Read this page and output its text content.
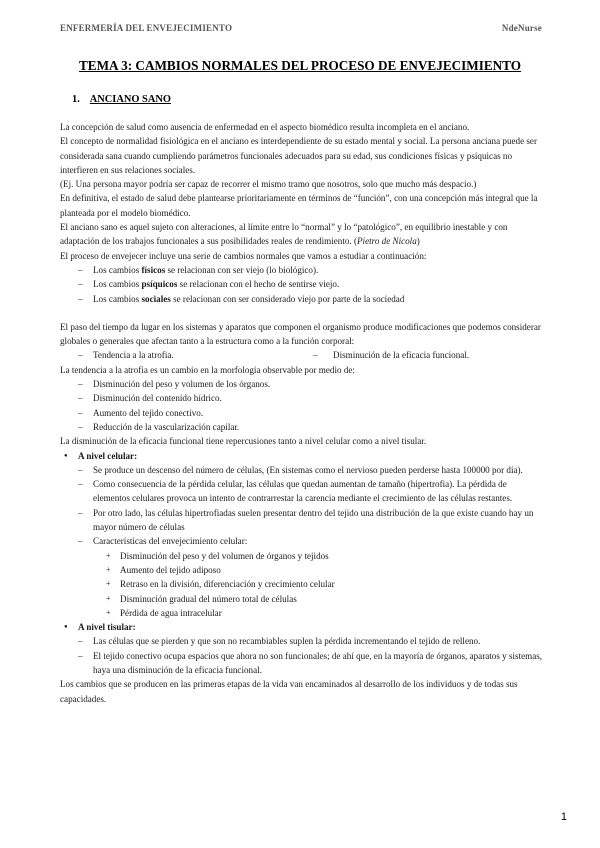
ENFERMERÍA DEL ENVEJECIMIENTO	NdeNurse
TEMA 3: CAMBIOS NORMALES DEL PROCESO DE ENVEJECIMIENTO
1. ANCIANO SANO

La concepción de salud como ausencia de enfermedad en el aspecto biomédico resulta incompleta en el anciano.

El concepto de normalidad fisiológica en el anciano es interdependiente de su estado mental y social. La persona anciana puede ser considerada sana cuando cumpliendo parámetros funcionales adecuados para su edad, sus condiciones físicas y psíquicas no interfieren en sus relaciones sociales.

(Ej. Una persona mayor podría ser capaz de recorrer el mismo tramo que nosotros, solo que mucho más despacio.)

En definitiva, el estado de salud debe plantearse prioritariamente en términos de “función”, con una concepción más integral que la planteada por el modelo biomédico.

El anciano sano es aquel sujeto con alteraciones, al límite entre lo “normal” y lo “patológico”, en equilibrio inestable y con adaptación de los trabajos funcionales a sus posibilidades reales de rendimiento. (Pietro de Nicola)

El proceso de envejecer incluye una serie de cambios normales que vamos a estudiar a continuación:

– Los cambios físicos se relacionan con ser viejo (lo biológico).

– Los cambios psíquicos se relacionan con el hecho de sentirse viejo.

– Los cambios sociales se relacionan con ser considerado viejo por parte de la sociedad

El paso del tiempo da lugar en los sistemas y aparatos que componen el organismo produce modificaciones que podemos considerar globales o generales que afectan tanto a la estructura como a la función corporal:

– Tendencia a la atrofia.
–	Disminución de la eficacia funcional.

La tendencia a la atrofia es un cambio en la morfología observable por medio de:

– Disminución del peso y volumen de los órganos.

– Disminución del contenido hídrico.

– Aumento del tejido conectivo.

– Reducción de la vascularización capilar.

La disminución de la eficacia funcional tiene repercusiones tanto a nivel celular como a nivel tisular.

● A nivel celular:

– Se produce un descenso del número de células, (En sistemas como el nervioso pueden perderse hasta 100000 por día).

– Como consecuencia de la pérdida celular, las células que quedan aumentan de tamaño (hipertrofia). La pérdida de elementos celulares provoca un intento de contrarrestar la carencia mediante el crecimiento de las células restantes.

– Por otro lado, las células hipertrofiadas suelen presentar dentro del tejido una distribución de la que existe cuando hay un mayor número de células

– Características del envejecimiento celular:

+ Disminución del peso y del volumen de órganos y tejidos

+ Aumento del tejido adiposo

+ Retraso en la división, diferenciación y crecimiento celular

+ Disminución gradual del número total de células

+ Pérdida de agua intracelular

● A nivel tisular:

– Las células que se pierden y que son no recambiables suplen la pérdida incrementando el tejido de relleno.

– El tejido conectivo ocupa espacios que ahora no son funcionales; de ahí que, en la mayoría de órganos, aparatos y sistemas, haya una disminución de la eficacia funcional.

Los cambios que se producen en las primeras etapas de la vida van encaminados al desarrollo de los individuos y de todas sus capacidades.

1
